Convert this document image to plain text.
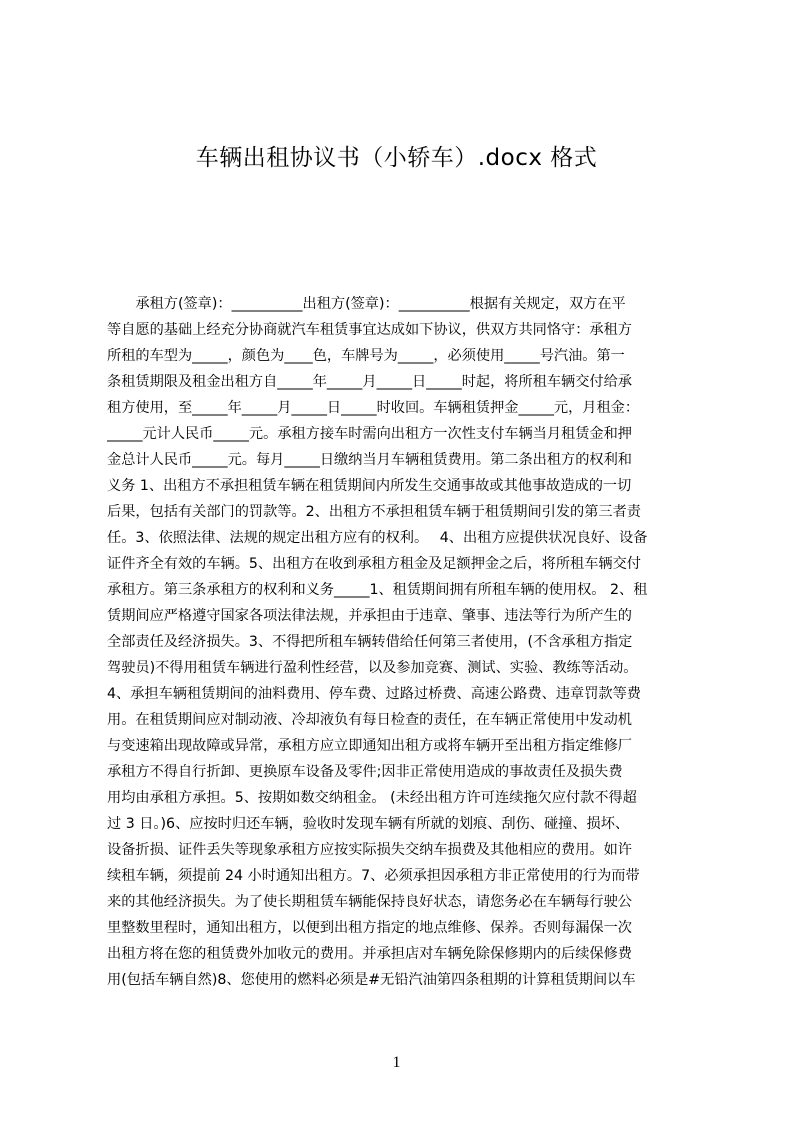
车辆出租协议书（小轿车）.docx 格式
　　承租方(签章)：__________出租方(签章)：__________根据有关规定，双方在平
等自愿的基础上经充分协商就汽车租赁事宜达成如下协议，供双方共同恪守：承租方
所租的车型为_____，颜色为____色，车牌号为_____，必须使用_____号汽油。第一
条租赁期限及租金出租方自_____年_____月_____日_____时起，将所租车辆交付给承
租方使用，至_____年_____月_____日_____时收回。车辆租赁押金_____元，月租金：
_____元计人民币_____元。承租方接车时需向出租方一次性支付车辆当月租赁金和押
金总计人民币_____元。每月_____日缴纳当月车辆租赁费用。第二条出租方的权利和
义务 1、出租方不承担租赁车辆在租赁期间内所发生交通事故或其他事故造成的一切
后果，包括有关部门的罚款等。2、出租方不承担租赁车辆于租赁期间引发的第三者责
任。3、依照法律、法规的规定出租方应有的权利。　 4、出租方应提供状况良好、设备
证件齐全有效的车辆。5、出租方在收到承租方租金及足额押金之后，将所租车辆交付
承租方。第三条承租方的权利和义务_____1、租赁期间拥有所租车辆的使用权。 2、租
赁期间应严格遵守国家各项法律法规，并承担由于违章、肇事、违法等行为所产生的
全部责任及经济损失。3、不得把所租车辆转借给任何第三者使用，(不含承租方指定
驾驶员)不得用租赁车辆进行盈利性经营，以及参加竞赛、测试、实验、教练等活动。
4、承担车辆租赁期间的油料费用、停车费、过路过桥费、高速公路费、违章罚款等费
用。在租赁期间应对制动液、冷却液负有每日检查的责任，在车辆正常使用中发动机
与变速箱出现故障或异常，承租方应立即通知出租方或将车辆开至出租方指定维修厂
承租方不得自行折卸、更换原车设备及零件;因非正常使用造成的事故责任及损失费
用均由承租方承担。5、按期如数交纳租金。 (未经出租方许可连续拖欠应付款不得超
过 3 日。)6、应按时归还车辆，验收时发现车辆有所就的划痕、刮伤、碰撞、损坏、
设备折损、证件丢失等现象承租方应按实际损失交纳车损费及其他相应的费用。如许
续租车辆，须提前 24 小时通知出租方。7、必须承担因承租方非正常使用的行为而带
来的其他经济损失。为了使长期租赁车辆能保持良好状态，请您务必在车辆每行驶公
里整数里程时，通知出租方，以便到出租方指定的地点维修、保养。否则每漏保一次
出租方将在您的租赁费外加收元的费用。并承担店对车辆免除保修期内的后续保修费
用(包括车辆自然)8、您使用的燃料必须是#无铅汽油第四条租期的计算租赁期间以车
1
